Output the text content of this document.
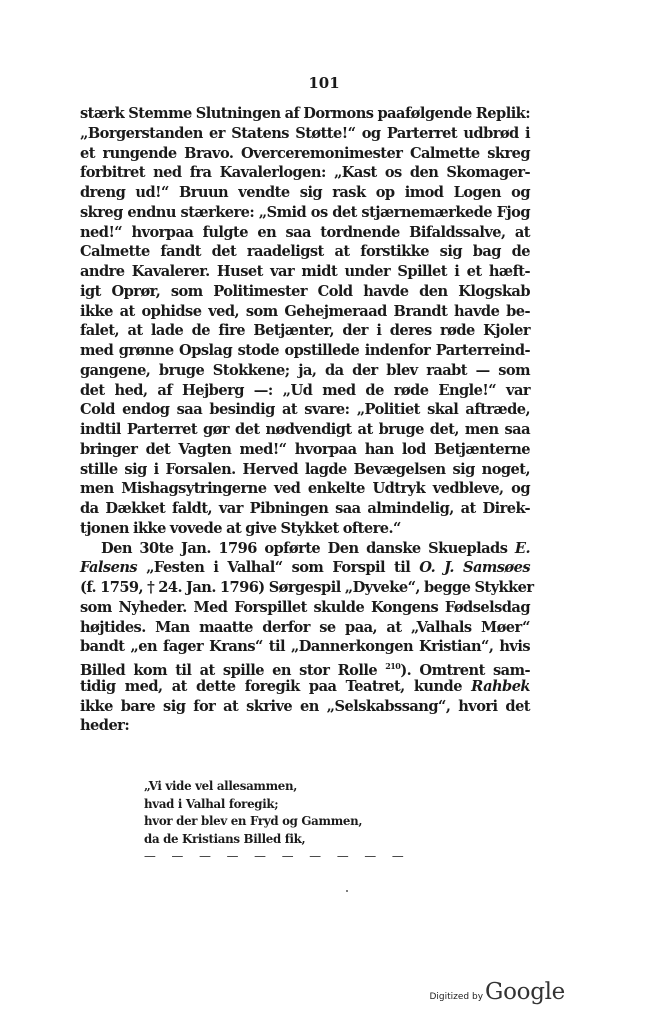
101
stærk Stemme Slutningen af Dormons paafølgende Replik:
„Borgerstanden er Statens Støtte!“ og Parterret udbrød i
et rungende Bravo. Overceremonimester Calmette skreg
forbitret ned fra Kavalerlogen: „Kast os den Skomager-
dreng ud!“ Bruun vendte sig rask op imod Logen og
skreg endnu stærkere: „Smid os det stjærnemærkede Fjog
ned!“ hvorpaa fulgte en saa tordnende Bifaldssalve, at
Calmette fandt det raadeligst at forstikke sig bag de
andre Kavalerer. Huset var midt under Spillet i et hæft-
igt Oprør, som Politimester Cold havde den Klogskab
ikke at ophidse ved, som Gehejmeraad Brandt havde be-
falet, at lade de fire Betjænter, der i deres røde Kjoler
med grønne Opslag stode opstillede indenfor Parterreind-
gangene, bruge Stokkene; ja, da der blev raabt — som
det hed, af Hejberg —: „Ud med de røde Engle!“ var
Cold endog saa besindig at svare: „Politiet skal aftræde,
indtil Parterret gør det nødvendigt at bruge det, men saa
bringer det Vagten med!“ hvorpaa han lod Betjænterne
stille sig i Forsalen. Herved lagde Bevægelsen sig noget,
men Mishagsytringerne ved enkelte Udtryk vedbleve, og
da Dækket faldt, var Pibningen saa almindelig, at Direk-
tjonen ikke vovede at give Stykket oftere.“
Den 30te Jan. 1796 opførte Den danske Skueplads E.
Falsens „Festen i Valhal“ som Forspil til O. J. Samsøes
(f. 1759, † 24. Jan. 1796) Sørgespil „Dyveke“, begge Stykker
som Nyheder. Med Forspillet skulde Kongens Fødselsdag
højtides. Man maatte derfor se paa, at „Valhals Møer“
bandt „en fager Krans“ til „Dannerkongen Kristian“, hvis
Billed kom til at spille en stor Rolle $^{210}$). Omtrent sam-
tidig med, at dette foregik paa Teatret, kunde Rahbek
ikke bare sig for at skrive en „Selskabssang“, hvori det
heder:
„Vi vide vel allesammen,
hvad i Valhal foregik;
hvor der blev en Fryd og Gammen,
da de Kristians Billed fik,
— — — — — — — — — —
Digitized by Google
